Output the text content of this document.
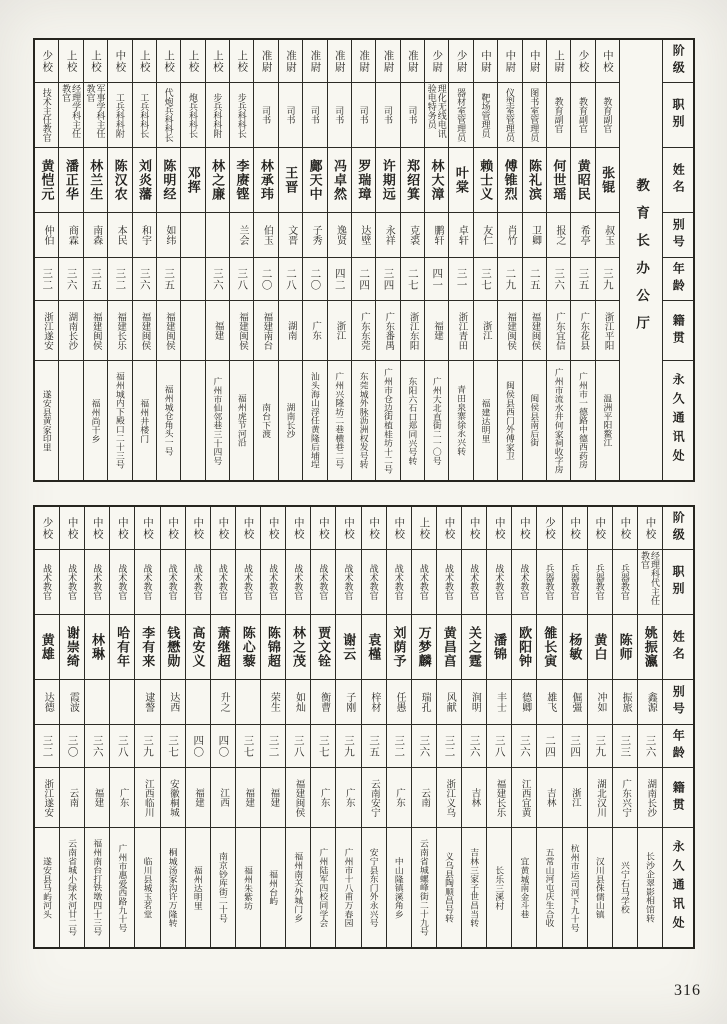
阶级
职别
姓名
别号
年龄
籍贯
永久通讯处
教育长办公厅
中校
教育副官
张锟
叔玉
三九
浙江平阳
温洲平阳鳌江
少校
教育副官
黄昭民
希亭
三五
广东花县
广州市一德路中德西药房
上尉
教育副官
何世瑶
报之
三六
广东宜信
广州市流水井何家祠收字房
中尉
图书室管理员
陈礼滨
卫卿
二五
福建闽侯
闽侯县南后街
中尉
仪型室管理员
傅锥烈
肖竹
二九
福建闽侯
闽侯县西门外傅家卫
中尉
靶场管理员
赖士义
友仁
三七
浙江
福建达明里
少尉
器材室管理员
叶棠
卓轩
三一
浙江青田
青田泉寨徐永兴转
少尉
理化无线电讯验电特务员
林大漳
鹏轩
四一
福建
广州大北直街二一〇号
准尉
司书
郑绍箕
克裘
二七
浙江东阳
东阳六石口郑同兴号转
准尉
司书
许期远
永祥
三四
广东番禺
广州市仓边街植桂坊十二号
准尉
司书
罗瑞璋
达壁
二四
广东东莞
东莞城外脉沥洲权发号转
准尉
司书
冯卓然
逸贤
四二
浙江
广州兴隆坊二巷横巷二号
准尉
司书
鄺天中
子秀
二〇
广东
汕头海山浮任黄隆后埔埕
准尉
司书
王晋
文晋
二八
湖南
湖南长沙
准尉
司书
林承玮
伯玉
二〇
福建南台
南台下渡
上校
步兵科科长
李赓铿
兰会
三八
福建闽侯
福州虎节河沿
上校
步兵科科附
林之廉
三六
福建
广州市仙邻巷三十四号
上校
炮兵科科长
邓挥
上校
代炮兵科科长
陈明经
如纬
三五
福建闽侯
福州城仓角头一号
上校
工兵科科长
刘炎藩
和宇
三六
福建闽侯
福州井楼门
中校
工兵科科附
陈汉农
本民
三二
福建长乐
福州城内下殿口二十三号
上校
军事学科主任教官
林兰生
南森
三五
福建闽侯
福州尚干乡
上校
经理学科主任教官
潘正华
商霖
三六
湖南长沙
少校
技术主任教官
黄恺元
仲伯
三二
浙江遂安
遂安县黄家印里
阶级
职别
姓名
别号
年龄
籍贯
永久通讯处
中校
经理科代主任教官
姚振瀛
鑫源
三六
湖南长沙
长沙企翠影相馆转
中校
兵器教官
陈师
振旅
三三
广东兴宁
兴宁石马学校
中校
兵器教官
黄白
冲如
三九
湖北汉川
汉川县侏儒山镇
中校
兵器教官
杨敏
倔彊
三四
浙江
杭州市运司河下九十号
少校
兵器教官
雒长寅
雄飞
二四
吉林
五常山河屯庆生合收
中校
战术教官
欧阳钟
德卿
三六
江西宜黄
宜黄城南金斗巷
中校
战术教官
潘锦
丰士
三八
福建长乐
长乐三溪村
中校
战术教官
关之霆
润明
三六
吉林
吉林三家子世昌当转
中校
战术教官
黄昌亯
风献
三二
浙江义乌
义乌县陶顺昌号转
上校
战术教官
万梦麟
瑞孔
三六
云南
云南省城螺峰街二十九号
中校
战术教官
刘荫予
任愚
三二
广东
中山隆镇溪角乡
中校
战术教官
袁槿
梓材
三五
云南安宁
安宁县东门外永兴号
中校
战术教官
谢云
子刚
三九
广东
广州市十八甫万春园
中校
战术教官
贾文铨
衡曹
三七
广东
广州陆军四校同学会
中校
战术教官
林之茂
如灿
三八
福建闽侯
福州南关外城门乡
中校
战术教官
陈锦超
荣生
三二
福建
福州台屿
中校
战术教官
陈心藜
三七
福建
福州朱紫坊
中校
战术教官
萧继超
升之
四〇
江西
南京钞库街二十号
中校
战术教官
高安义
四〇
福建
福州达明里
中校
战术教官
钱懋勋
达西
三七
安徽桐城
桐城汤家沟许万隆转
中校
战术教官
李有来
逮謷
三九
江西临川
临川县城玉茗堂
中校
战术教官
哈有年
三八
广东
广州市惠爱西路九十号
中校
战术教官
林琳
三六
福建
福州南台打铁墩四十三号
中校
战术教官
谢崇绮
霞波
三〇
云南
云南省城小绿水河廿二号
少校
战术教官
黄雄
达德
三二
浙江遂安
遂安县马屿河头
316
